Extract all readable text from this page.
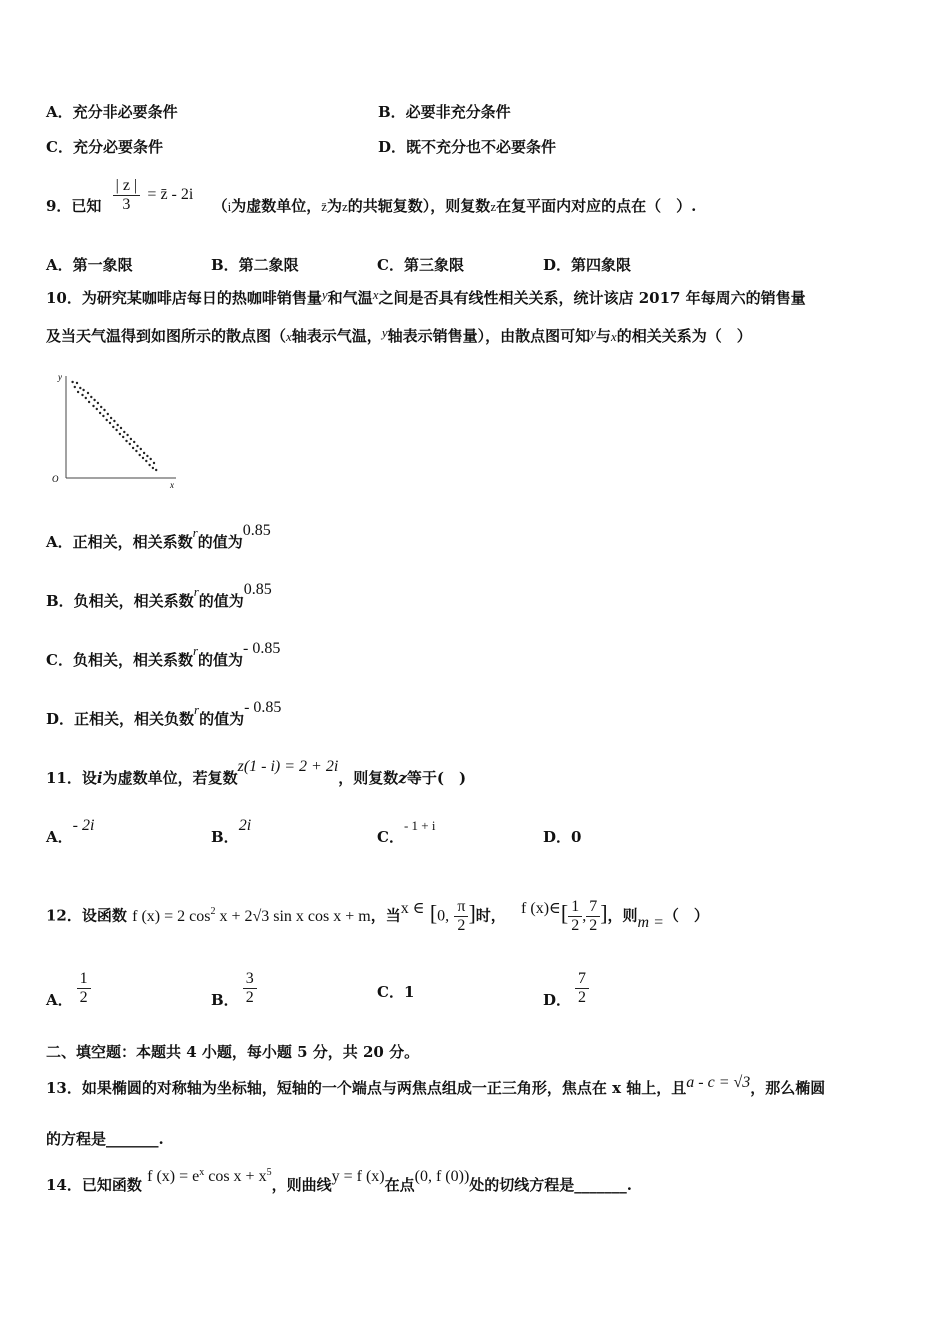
A．充分非必要条件	B．必要非充分条件
C．充分必要条件	D．既不充分也不必要条件
9．已知 $\frac{| z |}{3}$ = z̄ - 2i （i为虚数单位，z̄为z的共轭复数），则复数z在复平面内对应的点在（　）.
A．第一象限	B．第二象限	C．第三象限	D．第四象限
10．为研究某咖啡店每日的热咖啡销售量y和气温x之间是否具有线性相关关系，统计该店 2017 年每周六的销售量
及当天气温得到如图所示的散点图（x轴表示气温，y轴表示销售量），由散点图可知y与x的相关关系为（　）
y
x
O
A．正相关，相关系数r的值为0.85
B．负相关，相关系数r的值为0.85
C．负相关，相关系数r的值为- 0.85
D．正相关，相关负数r的值为- 0.85
11．设i为虚数单位，若复数z(1 - i) = 2 + 2i，则复数z等于(　)
A．- 2i
B．2i
C．- 1 + i
D．0
12．设函数 f (x) = 2 $\cos^2 x + 2√3$ sin x cos x + m，当x ∈ [0, $\frac{\pi}{2}$ ]时， f (x)∈[ $\frac{1}{2}$ , $\frac{7}{2}$ ]，则m =（　）
A． $\frac{1}{2}$	B． $\frac{3}{2}$	C．1	D． $\frac{7}{2}$
二、填空题：本题共 4 小题，每小题 5 分，共 20 分。
13．如果椭圆的对称轴为坐标轴，短轴的一个端点与两焦点组成一正三角形，焦点在 x 轴上，且a - c = √3，那么椭圆
的方程是_______.
14．已知函数 f $(x) = e^x$ $\cos x + x^5$，则曲线y = f (x)在点(0, f (0))处的切线方程是_______.
